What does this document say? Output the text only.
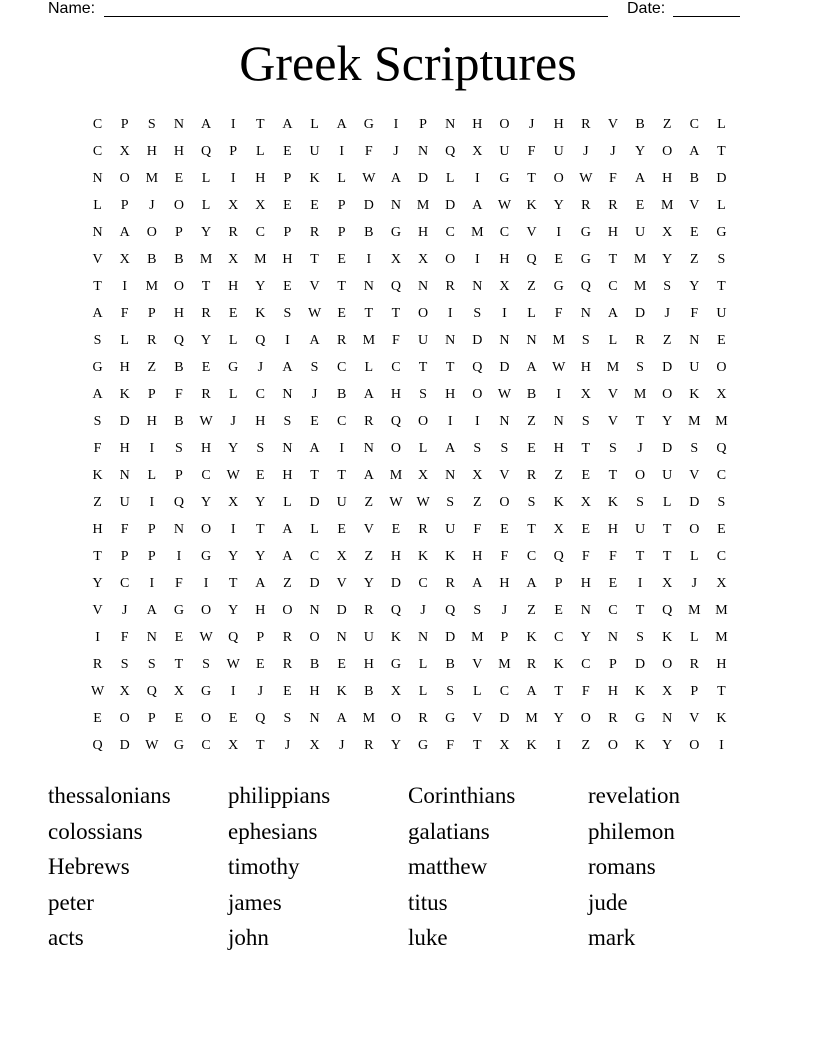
Name:	Date:
Greek Scriptures
C	P	S	N	A	I	T	A	L	A	G	I	P	N	H	O	J	H	R	V	B	Z	C	L
C	X	H	H	Q	P	L	E	U	I	F	J	N	Q	X	U	F	U	J	J	Y	O	A	T
N	O	M	E	L	I	H	P	K	L	W	A	D	L	I	G	T	O	W	F	A	H	B	D
L	P	J	O	L	X	X	E	E	P	D	N	M	D	A	W	K	Y	R	R	E	M	V	L
N	A	O	P	Y	R	C	P	R	P	B	G	H	C	M	C	V	I	G	H	U	X	E	G
V	X	B	B	M	X	M	H	T	E	I	X	X	O	I	H	Q	E	G	T	M	Y	Z	S
T	I	M	O	T	H	Y	E	V	T	N	Q	N	R	N	X	Z	G	Q	C	M	S	Y	T
A	F	P	H	R	E	K	S	W	E	T	T	O	I	S	I	L	F	N	A	D	J	F	U
S	L	R	Q	Y	L	Q	I	A	R	M	F	U	N	D	N	N	M	S	L	R	Z	N	E
G	H	Z	B	E	G	J	A	S	C	L	C	T	T	Q	D	A	W	H	M	S	D	U	O
A	K	P	F	R	L	C	N	J	B	A	H	S	H	O	W	B	I	X	V	M	O	K	X
S	D	H	B	W	J	H	S	E	C	R	Q	O	I	I	N	Z	N	S	V	T	Y	M	M
F	H	I	S	H	Y	S	N	A	I	N	O	L	A	S	S	E	H	T	S	J	D	S	Q
K	N	L	P	C	W	E	H	T	T	A	M	X	N	X	V	R	Z	E	T	O	U	V	C
Z	U	I	Q	Y	X	Y	L	D	U	Z	W W	S	Z	O	S	K	X	K	S	L	D	S
H	F	P	N	O	I	T	A	L	E	V	E	R	U	F	E	T	X	E	H	U	T	O	E
T	P	P	I	G	Y	Y	A	C	X	Z	H	K	K	H	F	C	Q	F	F	T	T	L	C
Y	C	I	F	I	T	A	Z	D	V	Y	D	C	R	A	H	A	P	H	E	I	X	J	X
V	J	A	G	O	Y	H	O	N	D	R	Q	J	Q	S	J	Z	E	N	C	T	Q	M	M
I	F	N	E	W	Q	P	R	O	N	U	K	N	D	M	P	K	C	Y	N	S	K	L	M
R	S	S	T	S	W	E	R	B	E	H	G	L	B	V	M	R	K	C	P	D	O	R	H
W	X	Q	X	G	I	J	E	H	K	B	X	L	S	L	C	A	T	F	H	K	X	P	T
E	O	P	E	O	E	Q	S	N	A	M	O	R	G	V	D	M	Y	O	R	G	N	V	K
Q	D	W	G	C	X	T	J	X	J	R	Y	G	F	T	X	K	I	Z	O	K	Y	O	I
thessalonians	philippians	Corinthians	revelation
colossians	ephesians	galatians	philemon
Hebrews	timothy	matthew	romans
peter	james	titus	jude
acts	john	luke	mark
